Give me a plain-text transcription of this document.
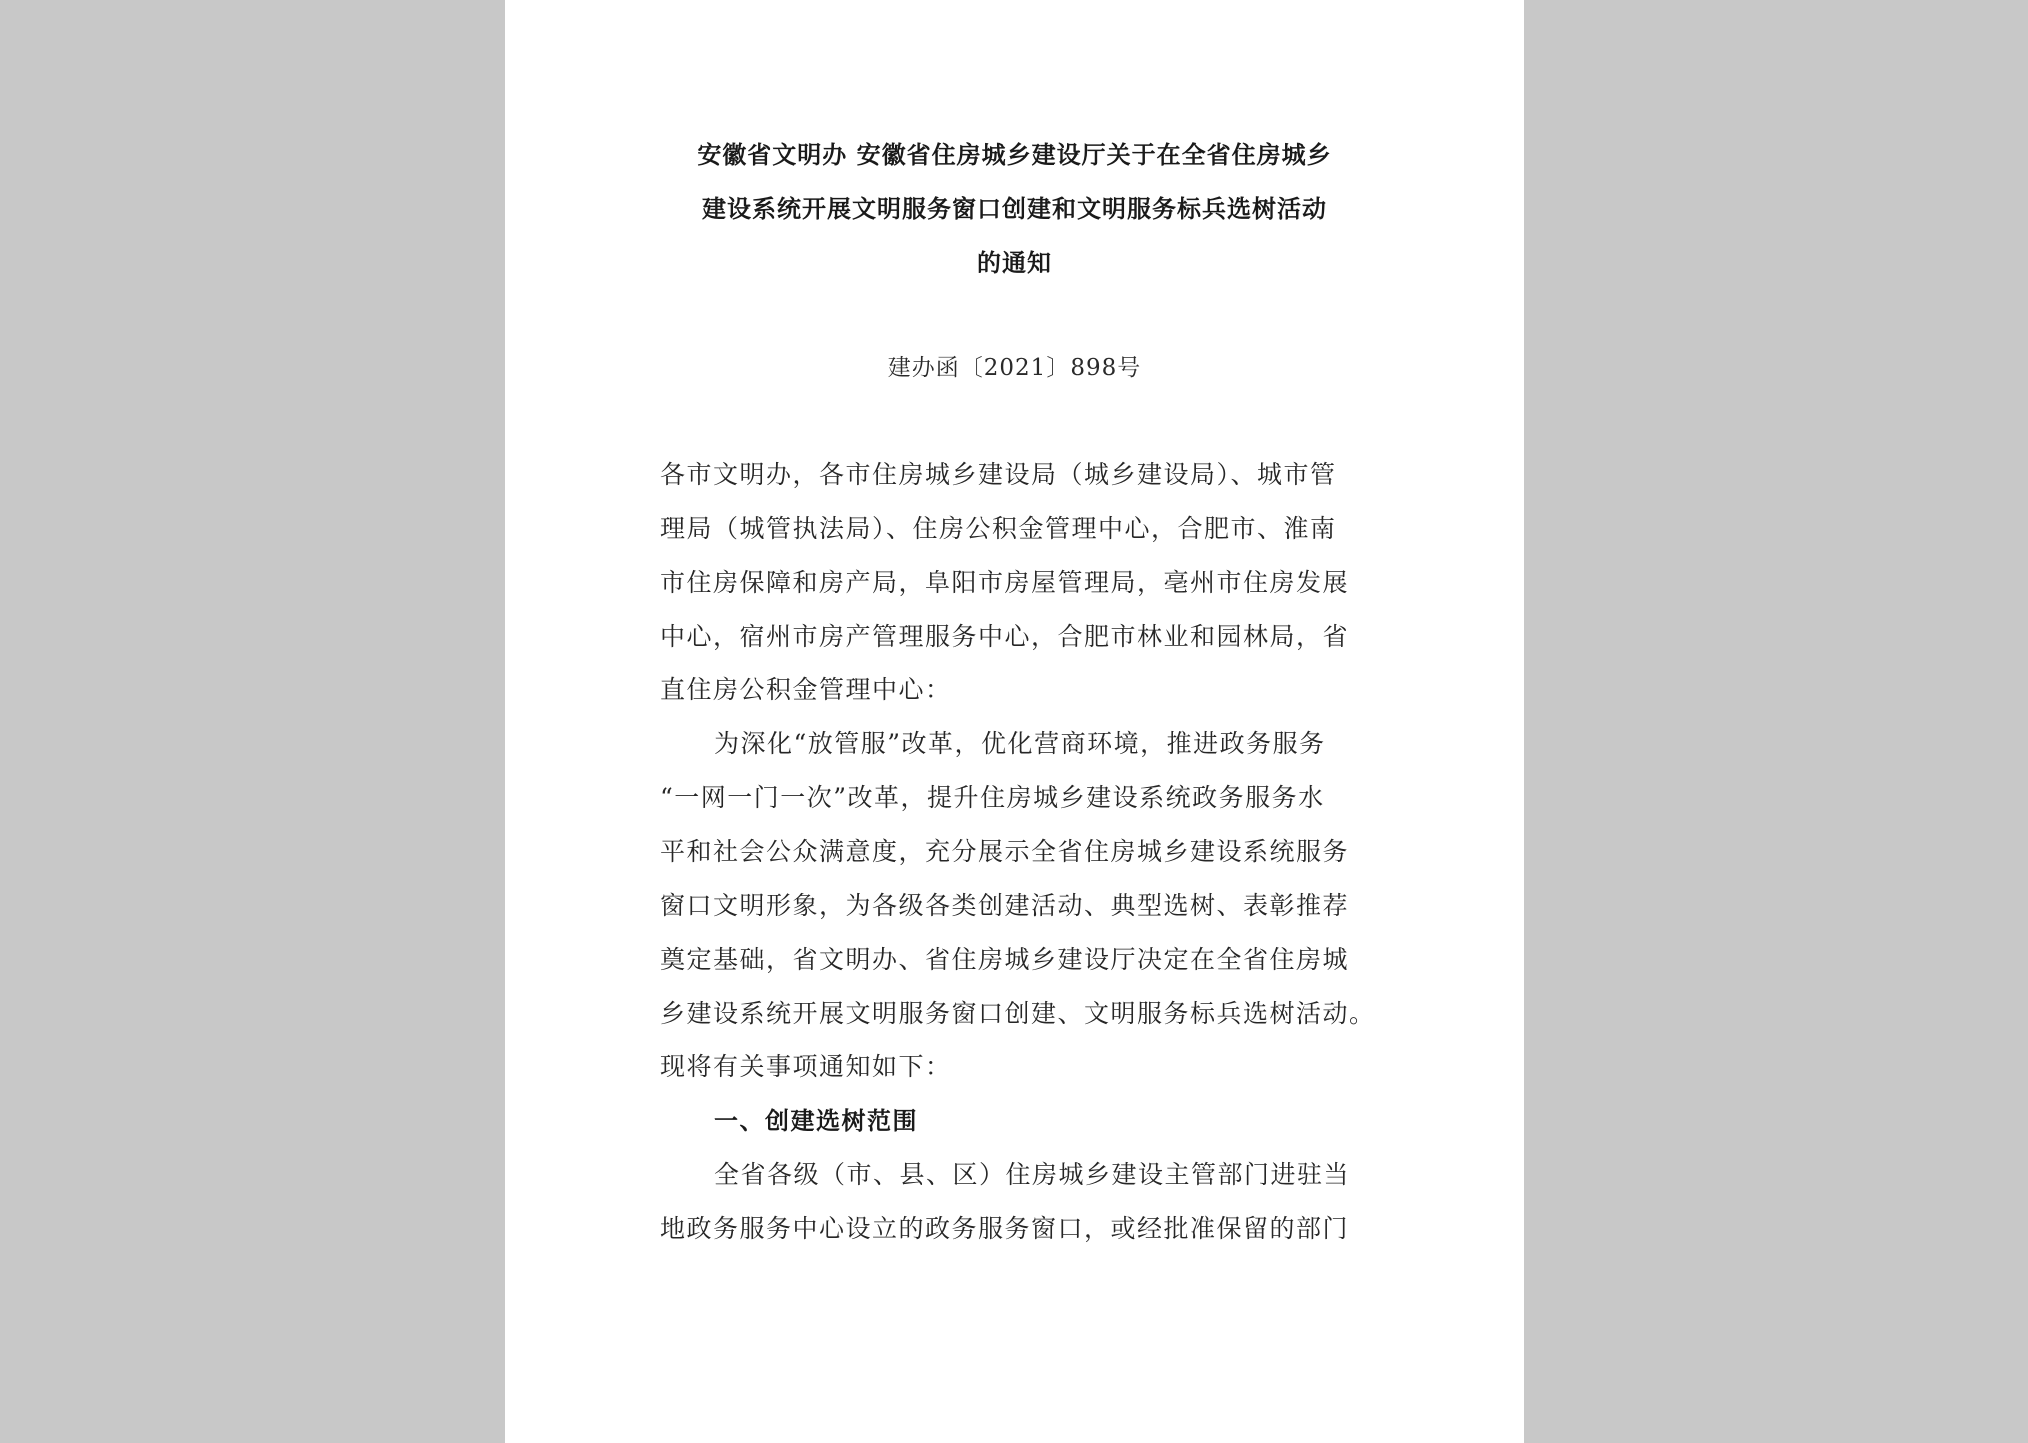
安徽省文明办 安徽省住房城乡建设厅关于在全省住房城乡
建设系统开展文明服务窗口创建和文明服务标兵选树活动
的通知
建办函〔2021〕898号
各市文明办，各市住房城乡建设局（城乡建设局）、城市管
理局（城管执法局）、住房公积金管理中心，合肥市、淮南
市住房保障和房产局，阜阳市房屋管理局，亳州市住房发展
中心，宿州市房产管理服务中心，合肥市林业和园林局，省
直住房公积金管理中心：
为深化“放管服”改革，优化营商环境，推进政务服务
“一网一门一次”改革，提升住房城乡建设系统政务服务水
平和社会公众满意度，充分展示全省住房城乡建设系统服务
窗口文明形象，为各级各类创建活动、典型选树、表彰推荐
奠定基础，省文明办、省住房城乡建设厅决定在全省住房城
乡建设系统开展文明服务窗口创建、文明服务标兵选树活动。
现将有关事项通知如下：
一、创建选树范围
全省各级（市、县、区）住房城乡建设主管部门进驻当
地政务服务中心设立的政务服务窗口，或经批准保留的部门
